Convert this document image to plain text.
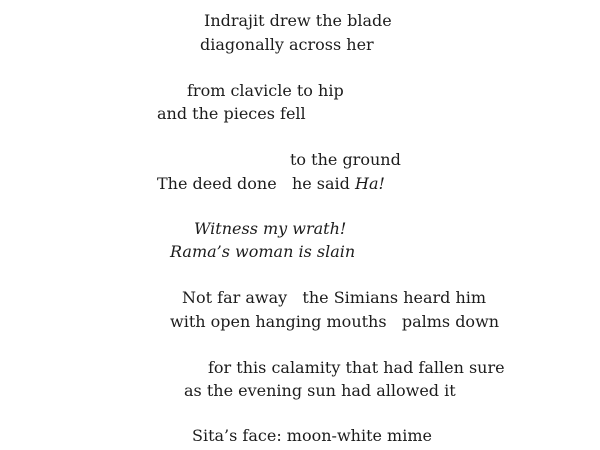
Indrajit drew the blade
diagonally across her
from clavicle to hip
and the pieces fell
to the ground
The deed done   he said Ha!
Witness my wrath!
Rama’s woman is slain
Not far away   the Simians heard him
with open hanging mouths   palms down
for this calamity that had fallen sure
as the evening sun had allowed it
Sita’s face: moon-white mime
